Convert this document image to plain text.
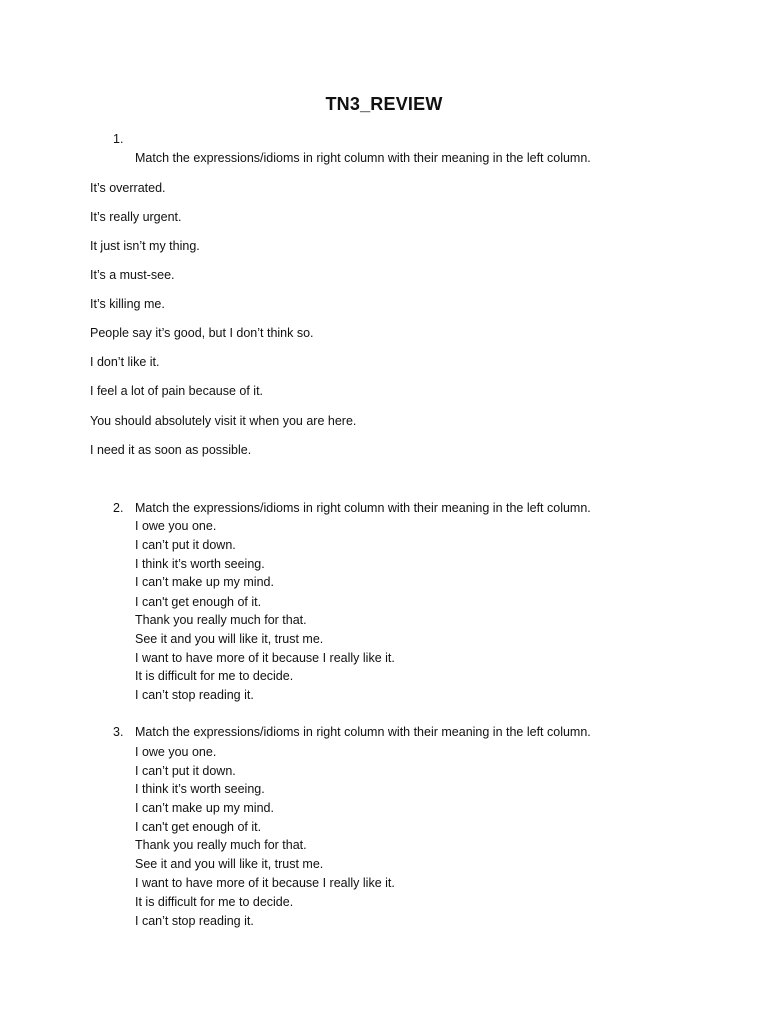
TN3_REVIEW
1.
Match the expressions/idioms in right column with their meaning in the left column.
It’s overrated.
It’s really urgent.
It just isn’t my thing.
It’s a must-see.
It’s killing me.
People say it’s good, but I don’t think so.
I don’t like it.
I feel a lot of pain because of it.
You should absolutely visit it when you are here.
I need it as soon as possible.
2. Match the expressions/idioms in right column with their meaning in the left column.
I owe you one.
I can’t put it down.
I think it’s worth seeing.
I can’t make up my mind.
I can't get enough of it.
Thank you really much for that.
See it and you will like it, trust me.
I want to have more of it because I really like it.
It is difficult for me to decide.
I can’t stop reading it.
3. Match the expressions/idioms in right column with their meaning in the left column.
I owe you one.
I can’t put it down.
I think it’s worth seeing.
I can’t make up my mind.
I can't get enough of it.
Thank you really much for that.
See it and you will like it, trust me.
I want to have more of it because I really like it.
It is difficult for me to decide.
I can’t stop reading it.
